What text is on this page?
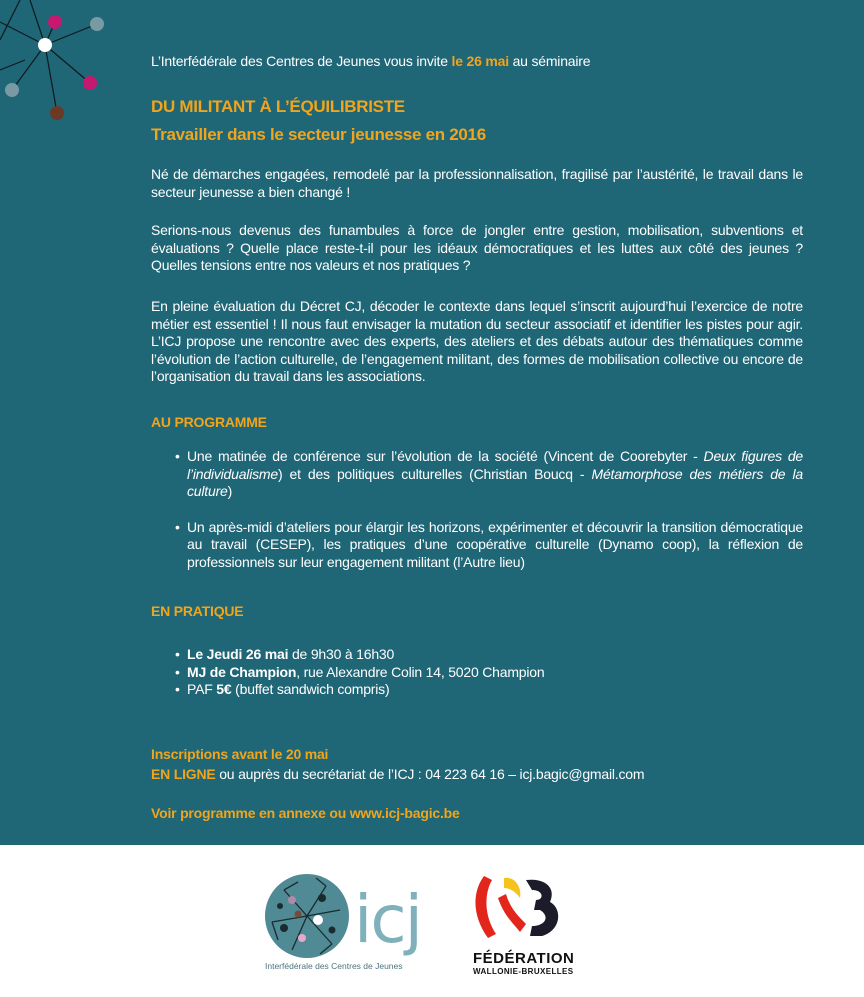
L’Interfédérale des Centres de Jeunes vous invite le 26 mai au séminaire
DU MILITANT À L’ÉQUILIBRISTE
Travailler dans le secteur jeunesse en 2016
Né de démarches engagées, remodelé par la professionnalisation, fragilisé par l’austérité, le travail dans le secteur jeunesse a bien changé !
Serions-nous devenus des funambules à force de jongler entre gestion, mobilisation, subventions et évaluations ? Quelle place reste-t-il pour les idéaux démocratiques et les luttes aux côté des jeunes ? Quelles tensions entre nos valeurs et nos pratiques ?
En pleine évaluation du Décret CJ, décoder le contexte dans lequel s’inscrit aujourd’hui l’exercice de notre métier est essentiel ! Il nous faut envisager la mutation du secteur associatif et identifier les pistes pour agir. L’ICJ propose une rencontre avec des experts, des ateliers et des débats autour des thématiques comme l’évolution de l’action culturelle, de l’engagement militant, des formes de mobilisation collective ou encore de l’organisation du travail dans les associations.
AU PROGRAMME
• Une matinée de conférence sur l’évolution de la société (Vincent de Coorebyter - Deux figures de l’individualisme) et des politiques culturelles (Christian Boucq - Métamorphose des métiers de la culture)
• Un après-midi d’ateliers pour élargir les horizons, expérimenter et découvrir la transition démocratique au travail (CESEP), les pratiques d’une coopérative culturelle (Dynamo coop), la réflexion de professionnels sur leur engagement militant (l’Autre lieu)
EN PRATIQUE
• Le Jeudi 26 mai de 9h30 à 16h30
• MJ de Champion, rue Alexandre Colin 14, 5020 Champion
• PAF 5€ (buffet sandwich compris)
Inscriptions avant le 20 mai
EN LIGNE ou auprès du secrétariat de l’ICJ : 04 223 64 16 – icj.bagic@gmail.com
Voir programme en annexe ou www.icj-bagic.be
icj
Interfédérale des Centres de Jeunes	FÉDÉRATION
WALLONIE-BRUXELLES
